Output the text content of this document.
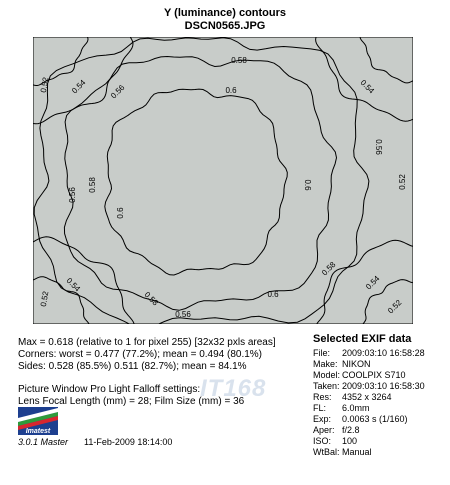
Y (luminance) contours
DSCN0565.JPG
0.6
0.6
0.6
0.6
0.58
0.58
0.58
0.58
0.56
0.56
0.56
0.56
0.54	0.54
0.54	0.54
0.52
0.52
0.52	0.52
Max = 0.618 (relative to 1 for pixel 255) [32x32 pxls areas]
Corners: worst = 0.477 (77.2%); mean = 0.494 (80.1%)
Sides: 0.528 (85.5%) 0.511 (82.7%); mean = 84.1%
Picture Window Pro Light Falloff settings:
Lens Focal Length (mm) = 28; Film Size (mm) = 36
IT168
Selected EXIF data
File:	2009:03:10 16:58:28
Make: NIKON
Model: COOLPIX S710
Taken: 2009:03:10 16:58:30
Res:	4352 x 3264
FL:	6.0mm
Exp:	0.0063 s (1/160)
Aper: f/2.8
ISO:	100
WtBal: Manual
Imatest
3.0.1 Master 11-Feb-2009 18:14:00
